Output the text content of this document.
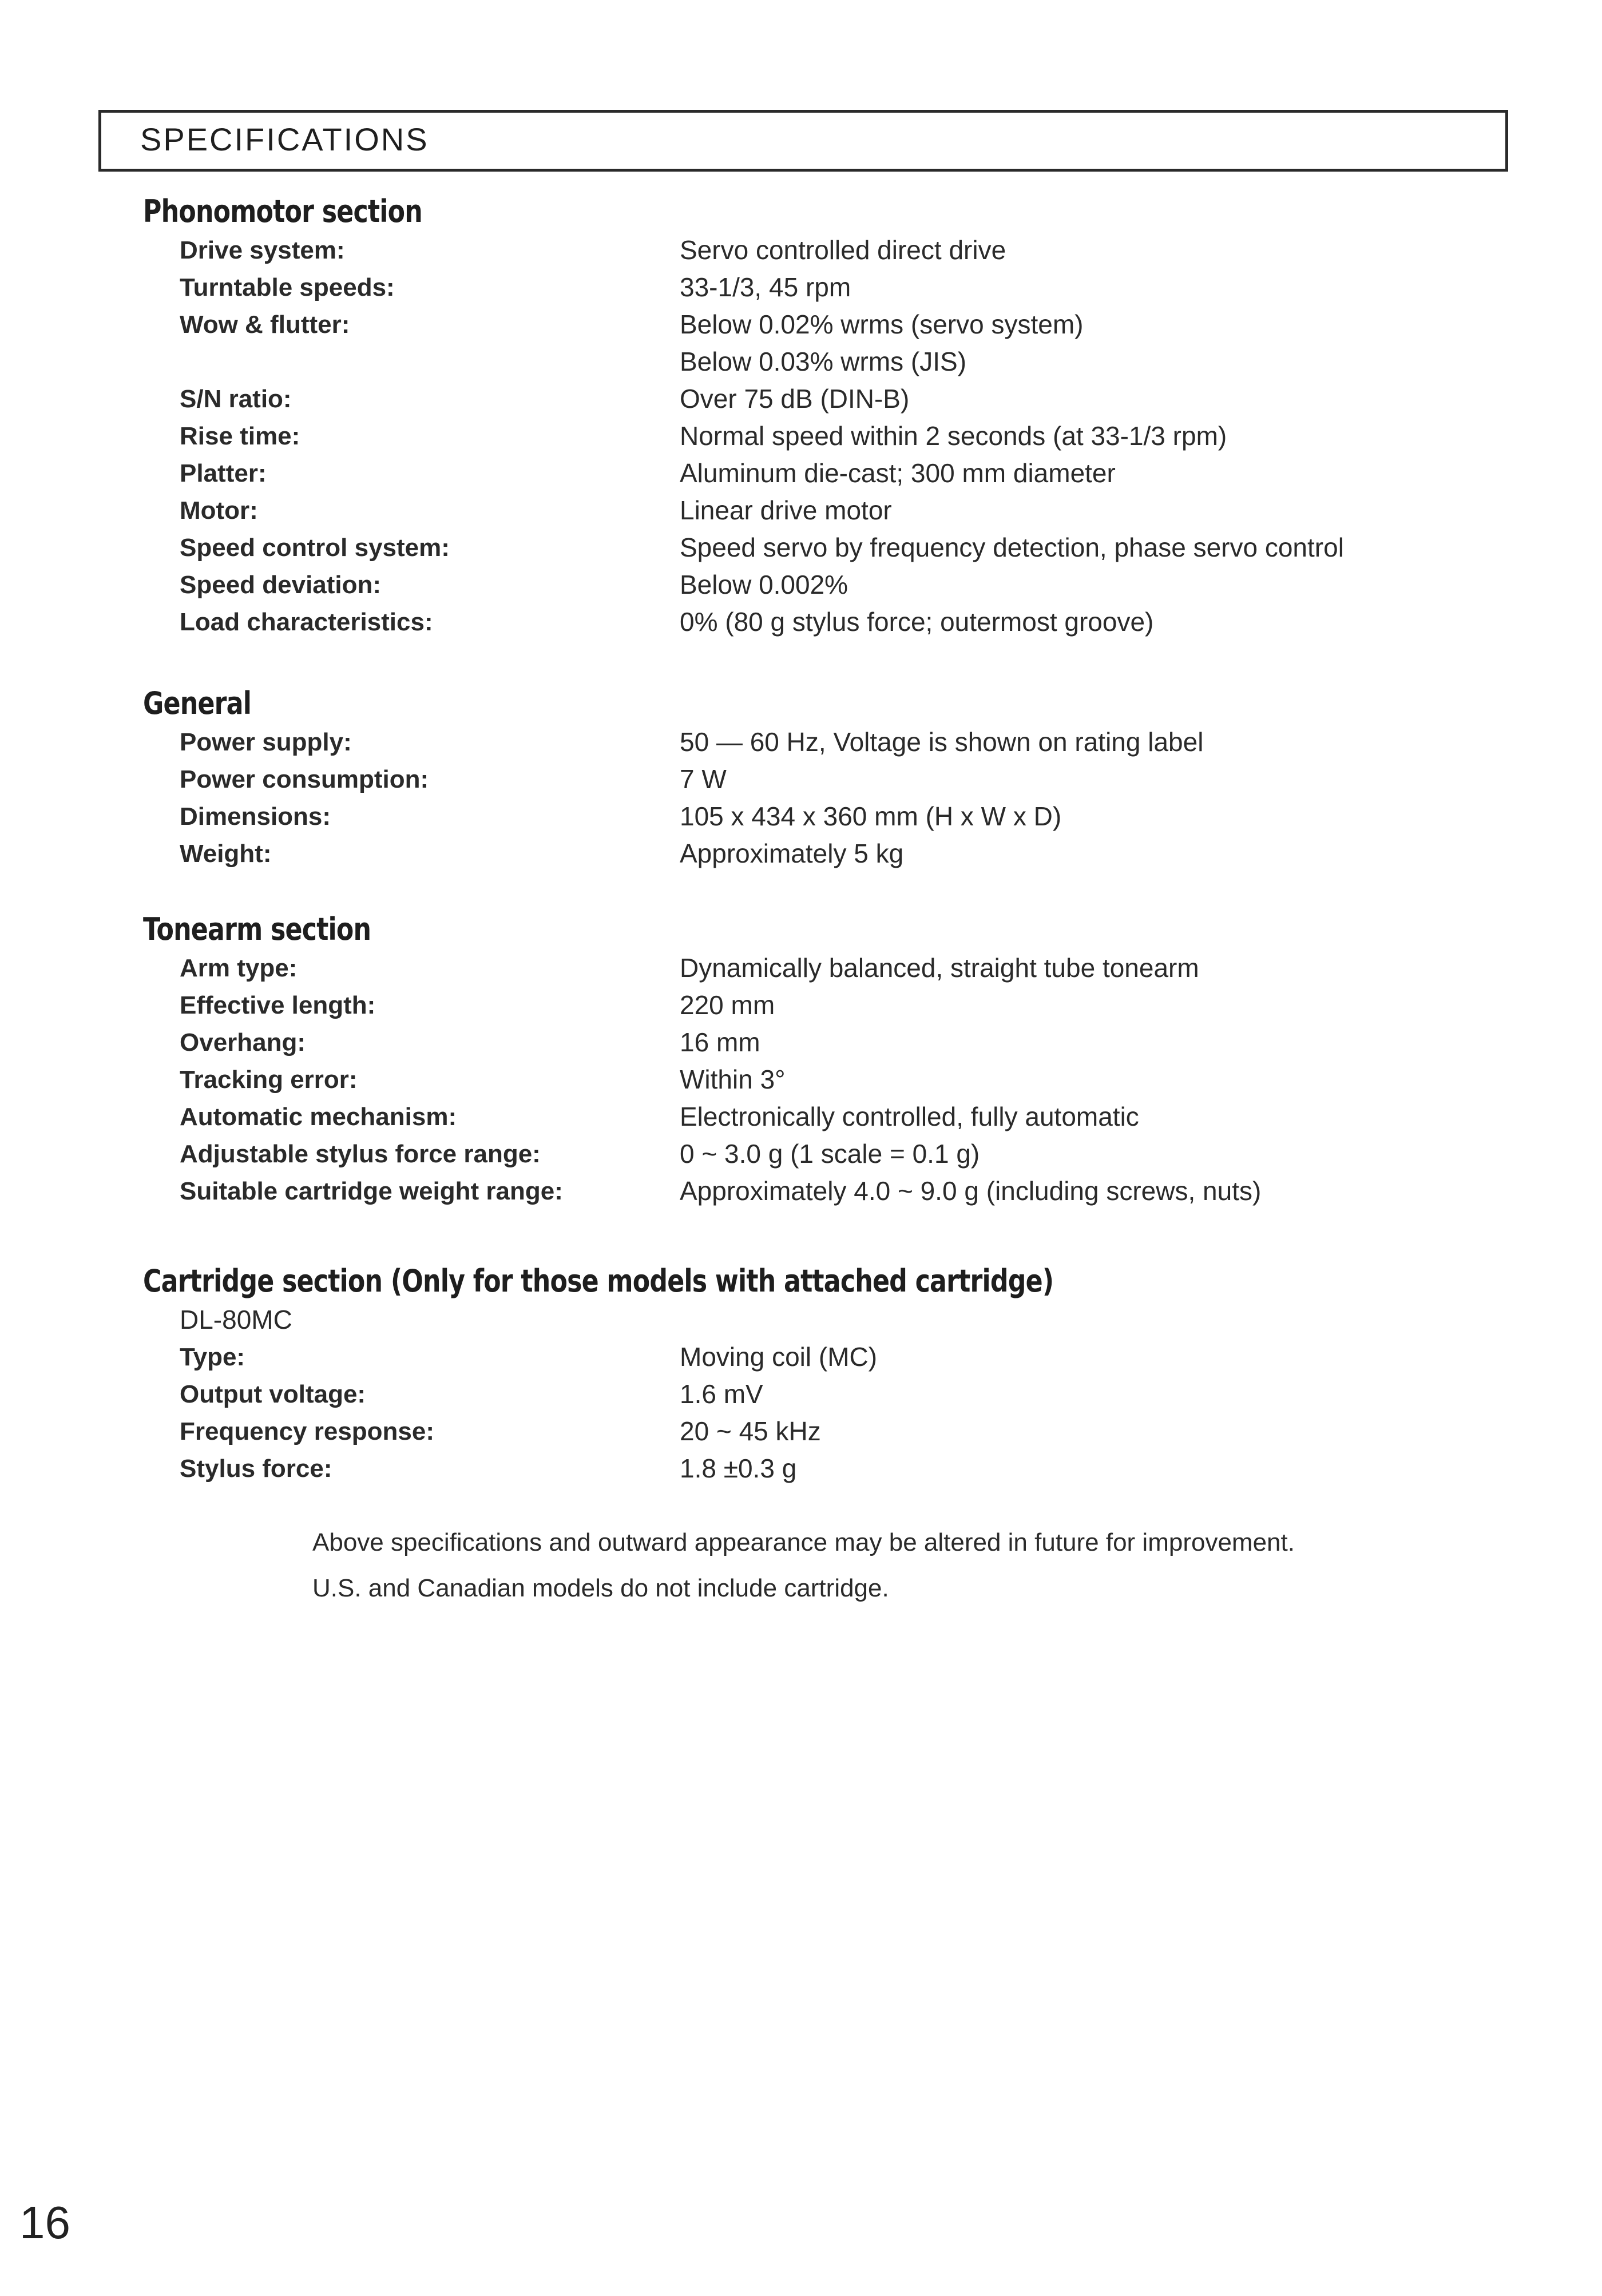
SPECIFICATIONS
Phonomotor section
Drive system:	Servo controlled direct drive
Turntable speeds:	33-1/3, 45 rpm
Wow & flutter:	Below 0.02% wrms (servo system)
Below 0.03% wrms (JIS)
S/N ratio:	Over 75 dB (DIN-B)
Rise time:	Normal speed within 2 seconds (at 33-1/3 rpm)
Platter:	Aluminum die-cast; 300 mm diameter
Motor:	Linear drive motor
Speed control system:	Speed servo by frequency detection, phase servo control
Speed deviation:	Below 0.002%
Load characteristics:	0% (80 g stylus force; outermost groove)
General
Power supply:	50 — 60 Hz, Voltage is shown on rating label
Power consumption:	7 W
Dimensions:	105 x 434 x 360 mm (H x W x D)
Weight:	Approximately 5 kg
Tonearm section
Arm type:	Dynamically balanced, straight tube tonearm
Effective length:	220 mm
Overhang:	16 mm
Tracking error:	Within 3°
Automatic mechanism:	Electronically controlled, fully automatic
Adjustable stylus force range:	0 ~ 3.0 g (1 scale = 0.1 g)
Suitable cartridge weight range:	Approximately 4.0 ~ 9.0 g (including screws, nuts)
Cartridge section (Only for those models with attached cartridge)
DL-80MC
Type:	Moving coil (MC)
Output voltage:	1.6 mV
Frequency response:	20 ~ 45 kHz
Stylus force:	1.8 ±0.3 g
Above specifications and outward appearance may be altered in future for improvement.
U.S. and Canadian models do not include cartridge.
16
